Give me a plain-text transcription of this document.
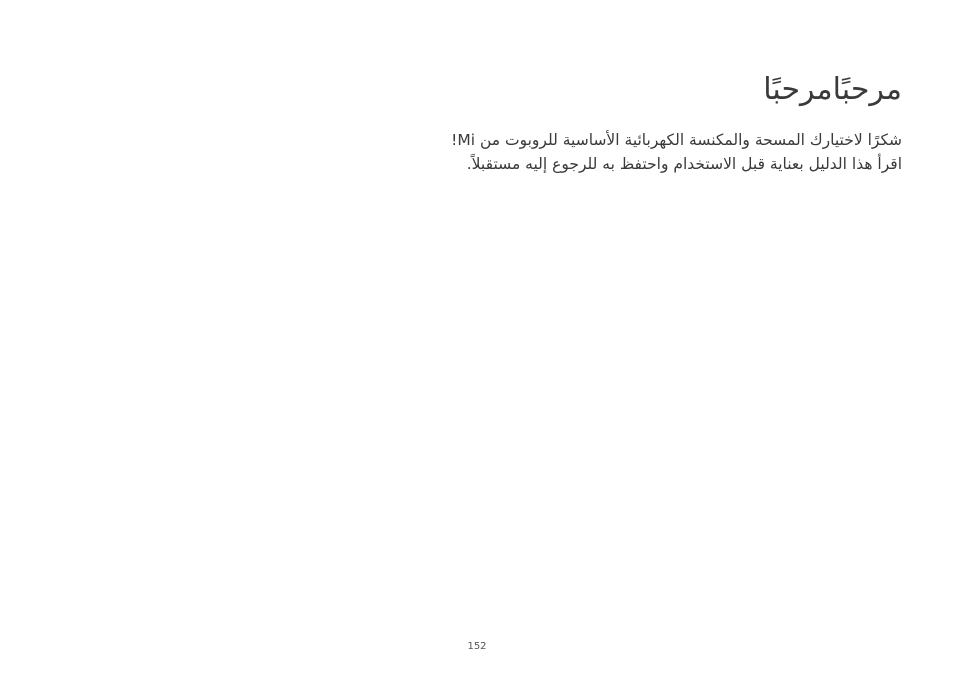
مرحبًامرحبًا

شكرًا لاختيارك المسحة والمكنسة الكهربائية الأساسية للروبوت من Mi!
اقرأ هذا الدليل بعناية قبل الاستخدام واحتفظ به للرجوع إليه مستقبلاً.

152
